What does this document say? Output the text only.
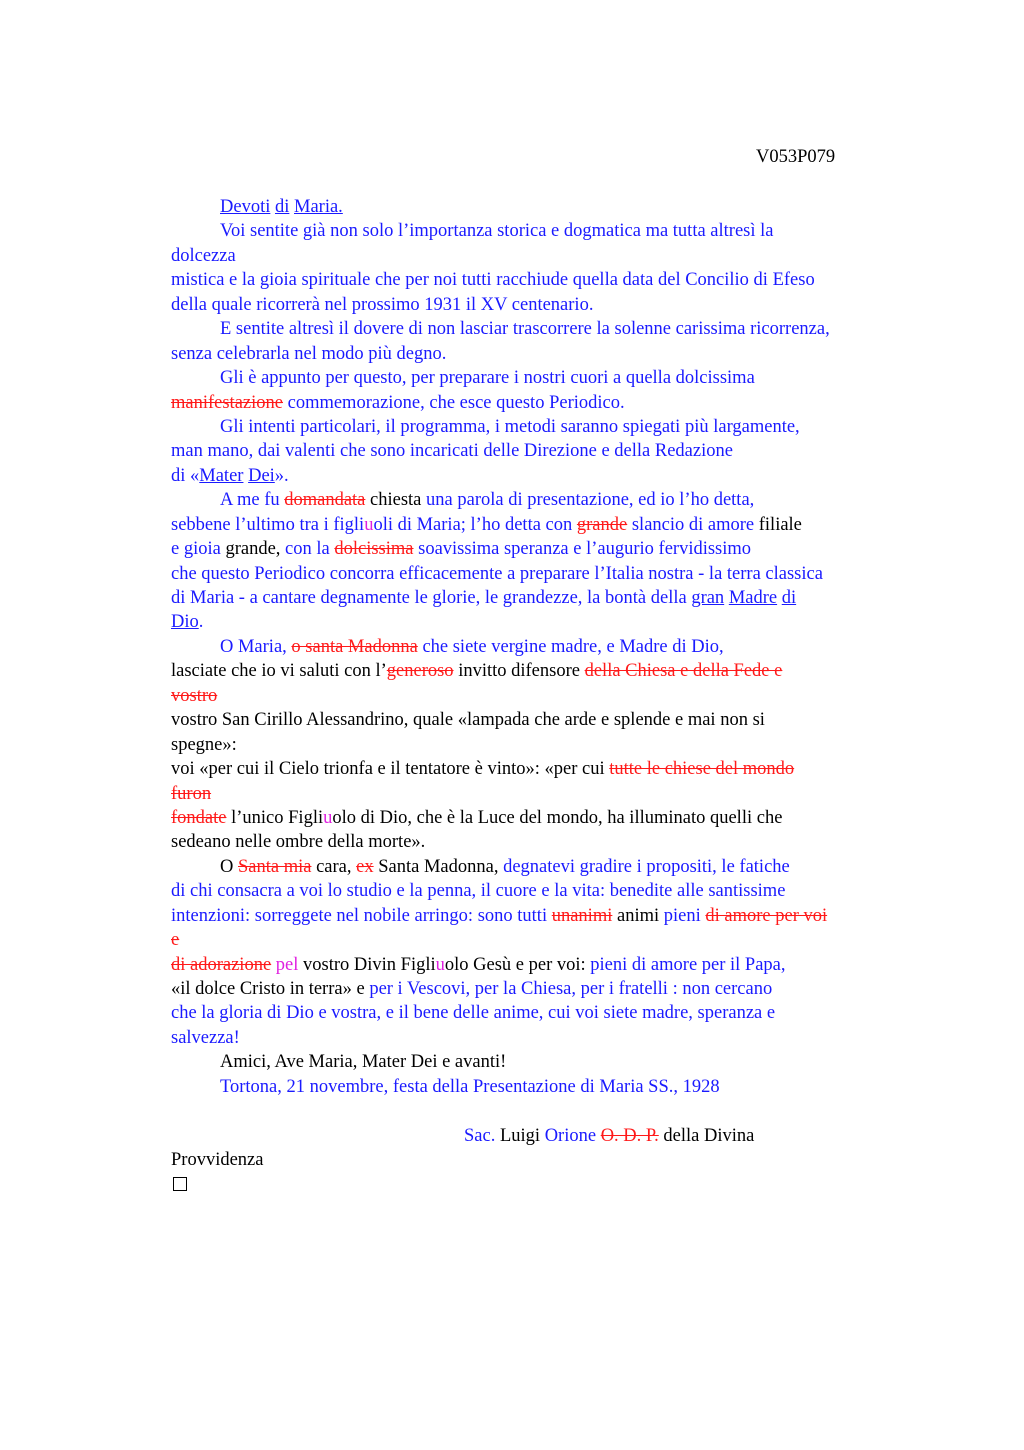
V053P079
Devoti di Maria.
Voi sentite già non solo l’importanza storica e dogmatica ma tutta altresì la
dolcezza
mistica e la gioia spirituale che per noi tutti racchiude quella data del Concilio di Efeso
della quale ricorrerà nel prossimo 1931 il XV centenario.
E sentite altresì il dovere di non lasciar trascorrere la solenne carissima ricorrenza,
senza celebrarla nel modo più degno.
Gli è appunto per questo, per preparare i nostri cuori a quella dolcissima
manifestazione commemorazione, che esce questo Periodico.
Gli intenti particolari, il programma, i metodi saranno spiegati più largamente,
man mano, dai valenti che sono incaricati delle Direzione e della Redazione
di «Mater Dei».
A me fu domandata chiesta una parola di presentazione, ed io l’ho detta,
sebbene l’ultimo tra i figliuoli di Maria; l’ho detta con grande slancio di amore filiale
e gioia grande, con la dolcissima soavissima speranza e l’augurio fervidissimo
che questo Periodico concorra efficacemente a preparare l’Italia nostra - la terra classica
di Maria - a cantare degnamente le glorie, le grandezze, la bontà della gran Madre di
Dio.
O Maria, o santa Madonna che siete vergine madre, e Madre di Dio,
lasciate che io vi saluti con l’generoso invitto difensore della Chiesa e della Fede e
vostro
vostro San Cirillo Alessandrino, quale «lampada che arde e splende e mai non si
spegne»:
voi «per cui il Cielo trionfa e il tentatore è vinto»: «per cui tutte le chiese del mondo
furon
fondate l’unico Figliuolo di Dio, che è la Luce del mondo, ha illuminato quelli che
sedeano nelle ombre della morte».
O Santa mia cara, ex Santa Madonna, degnatevi gradire i propositi, le fatiche
di chi consacra a voi lo studio e la penna, il cuore e la vita: benedite alle santissime
intenzioni: sorreggete nel nobile arringo: sono tutti unanimi animi pieni di amore per voi
e
di adorazione pel vostro Divin Figliuolo Gesù e per voi: pieni di amore per il Papa,
«il dolce Cristo in terra» e per i Vescovi, per la Chiesa, per i fratelli : non cercano
che la gloria di Dio e vostra, e il bene delle anime, cui voi siete madre, speranza e
salvezza!
Amici, Ave Maria, Mater Dei e avanti!
Tortona, 21 novembre, festa della Presentazione di Maria SS., 1928
Sac. Luigi Orione O. D. P. della Divina
Provvidenza
